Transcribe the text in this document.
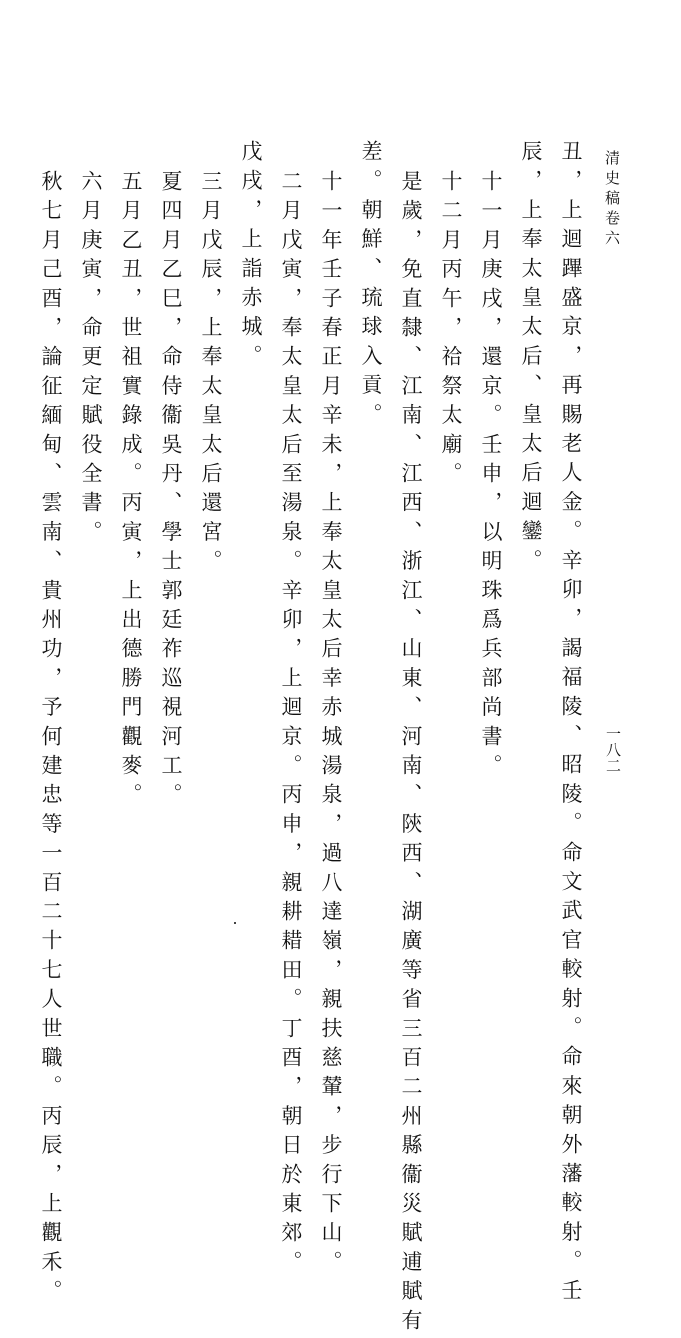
清史稿卷六
一八二
丑，上迴蹕盛京，再賜老人金。辛卯，謁福陵、昭陵。命文武官較射。命來朝外藩較射。壬
辰，上奉太皇太后、皇太后迴鑾。
十一月庚戌，還京。壬申，以明珠爲兵部尚書。
十二月丙午，祫祭太廟。
是歲，免直隸、江南、江西、浙江、山東、河南、陝西、湖廣等省三百二州縣衞災賦逋賦有
差。朝鮮、琉球入貢。
十一年壬子春正月辛未，上奉太皇太后幸赤城湯泉，過八達嶺，親扶慈輦，步行下山。
二月戊寅，奉太皇太后至湯泉。辛卯，上迴京。丙申，親耕耤田。丁酉，朝日於東郊。
戊戌，上詣赤城。
三月戊辰，上奉太皇太后還宮。
夏四月乙巳，命侍衞吳丹、學士郭廷祚巡視河工。
五月乙丑，世祖實錄成。丙寅，上出德勝門觀麥。
六月庚寅，命更定賦役全書。
秋七月己酉，論征緬甸、雲南、貴州功，予何建忠等一百二十七人世職。丙辰，上觀禾。
